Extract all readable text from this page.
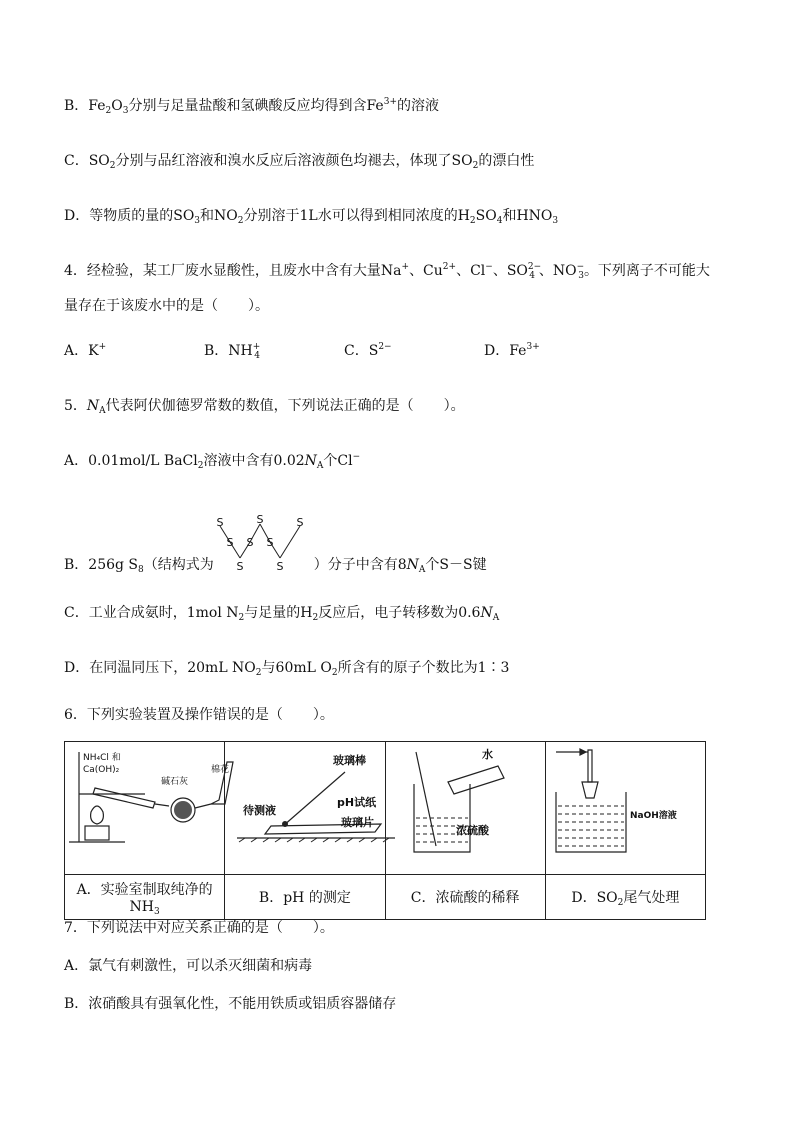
B．$Fe_2O_3$分别与足量盐酸和氢碘酸反应均得到含$Fe^{3+}$的溶液
C．$SO_2$分别与品红溶液和溴水反应后溶液颜色均褪去，体现了$SO_2$的漂白性
D．等物质的量的$SO_3$和$NO_2$分别溶于1L水可以得到相同浓度的$H_2SO_4$和$HNO_3$
4．经检验，某工厂废水显酸性，且废水中含有大量Na+、$Cu^{2+}$、Cl−、$SO^{2-}_4$ 、$NO^-_3$。下列离子不可能大
量存在于该废水中的是（ ）。
A．K+	B．$NH^+_4$	C．$S^{2-}$	D．$Fe^{3+}$
5．$N_A$代表阿伏伽德罗常数的数值，下列说法正确的是（ ）。
A．0.01mol/L BaCl$_2$溶液中含有$0.02N_A$个Cl−
S
S
S
S
S
S
S
S
B．256g $S_8$（结构式为	）分子中含有$8N_A$个S－S键
C．工业合成氨时，1mol $N_2$与足量的$H_2$反应后，电子转移数为$0.6N_A$
D．在同温同压下，20mL $NO_2$与60mL $O_2$所含有的原子个数比为1∶3
6．下列实验装置及操作错误的是（ ）。
NH₄Cl 和
Ca(OH)₂
碱石灰
棉花	玻璃棒
待测液
pH试纸
玻璃片	水
浓硫酸	NaOH溶液

A．实验室制取纯净的$NH_3$	B．pH 的测定	C．浓硫酸的稀释	D．$SO_2$尾气处理
7．下列说法中对应关系正确的是（ ）。
A．氯气有刺激性，可以杀灭细菌和病毒
B．浓硝酸具有强氧化性，不能用铁质或铝质容器储存
